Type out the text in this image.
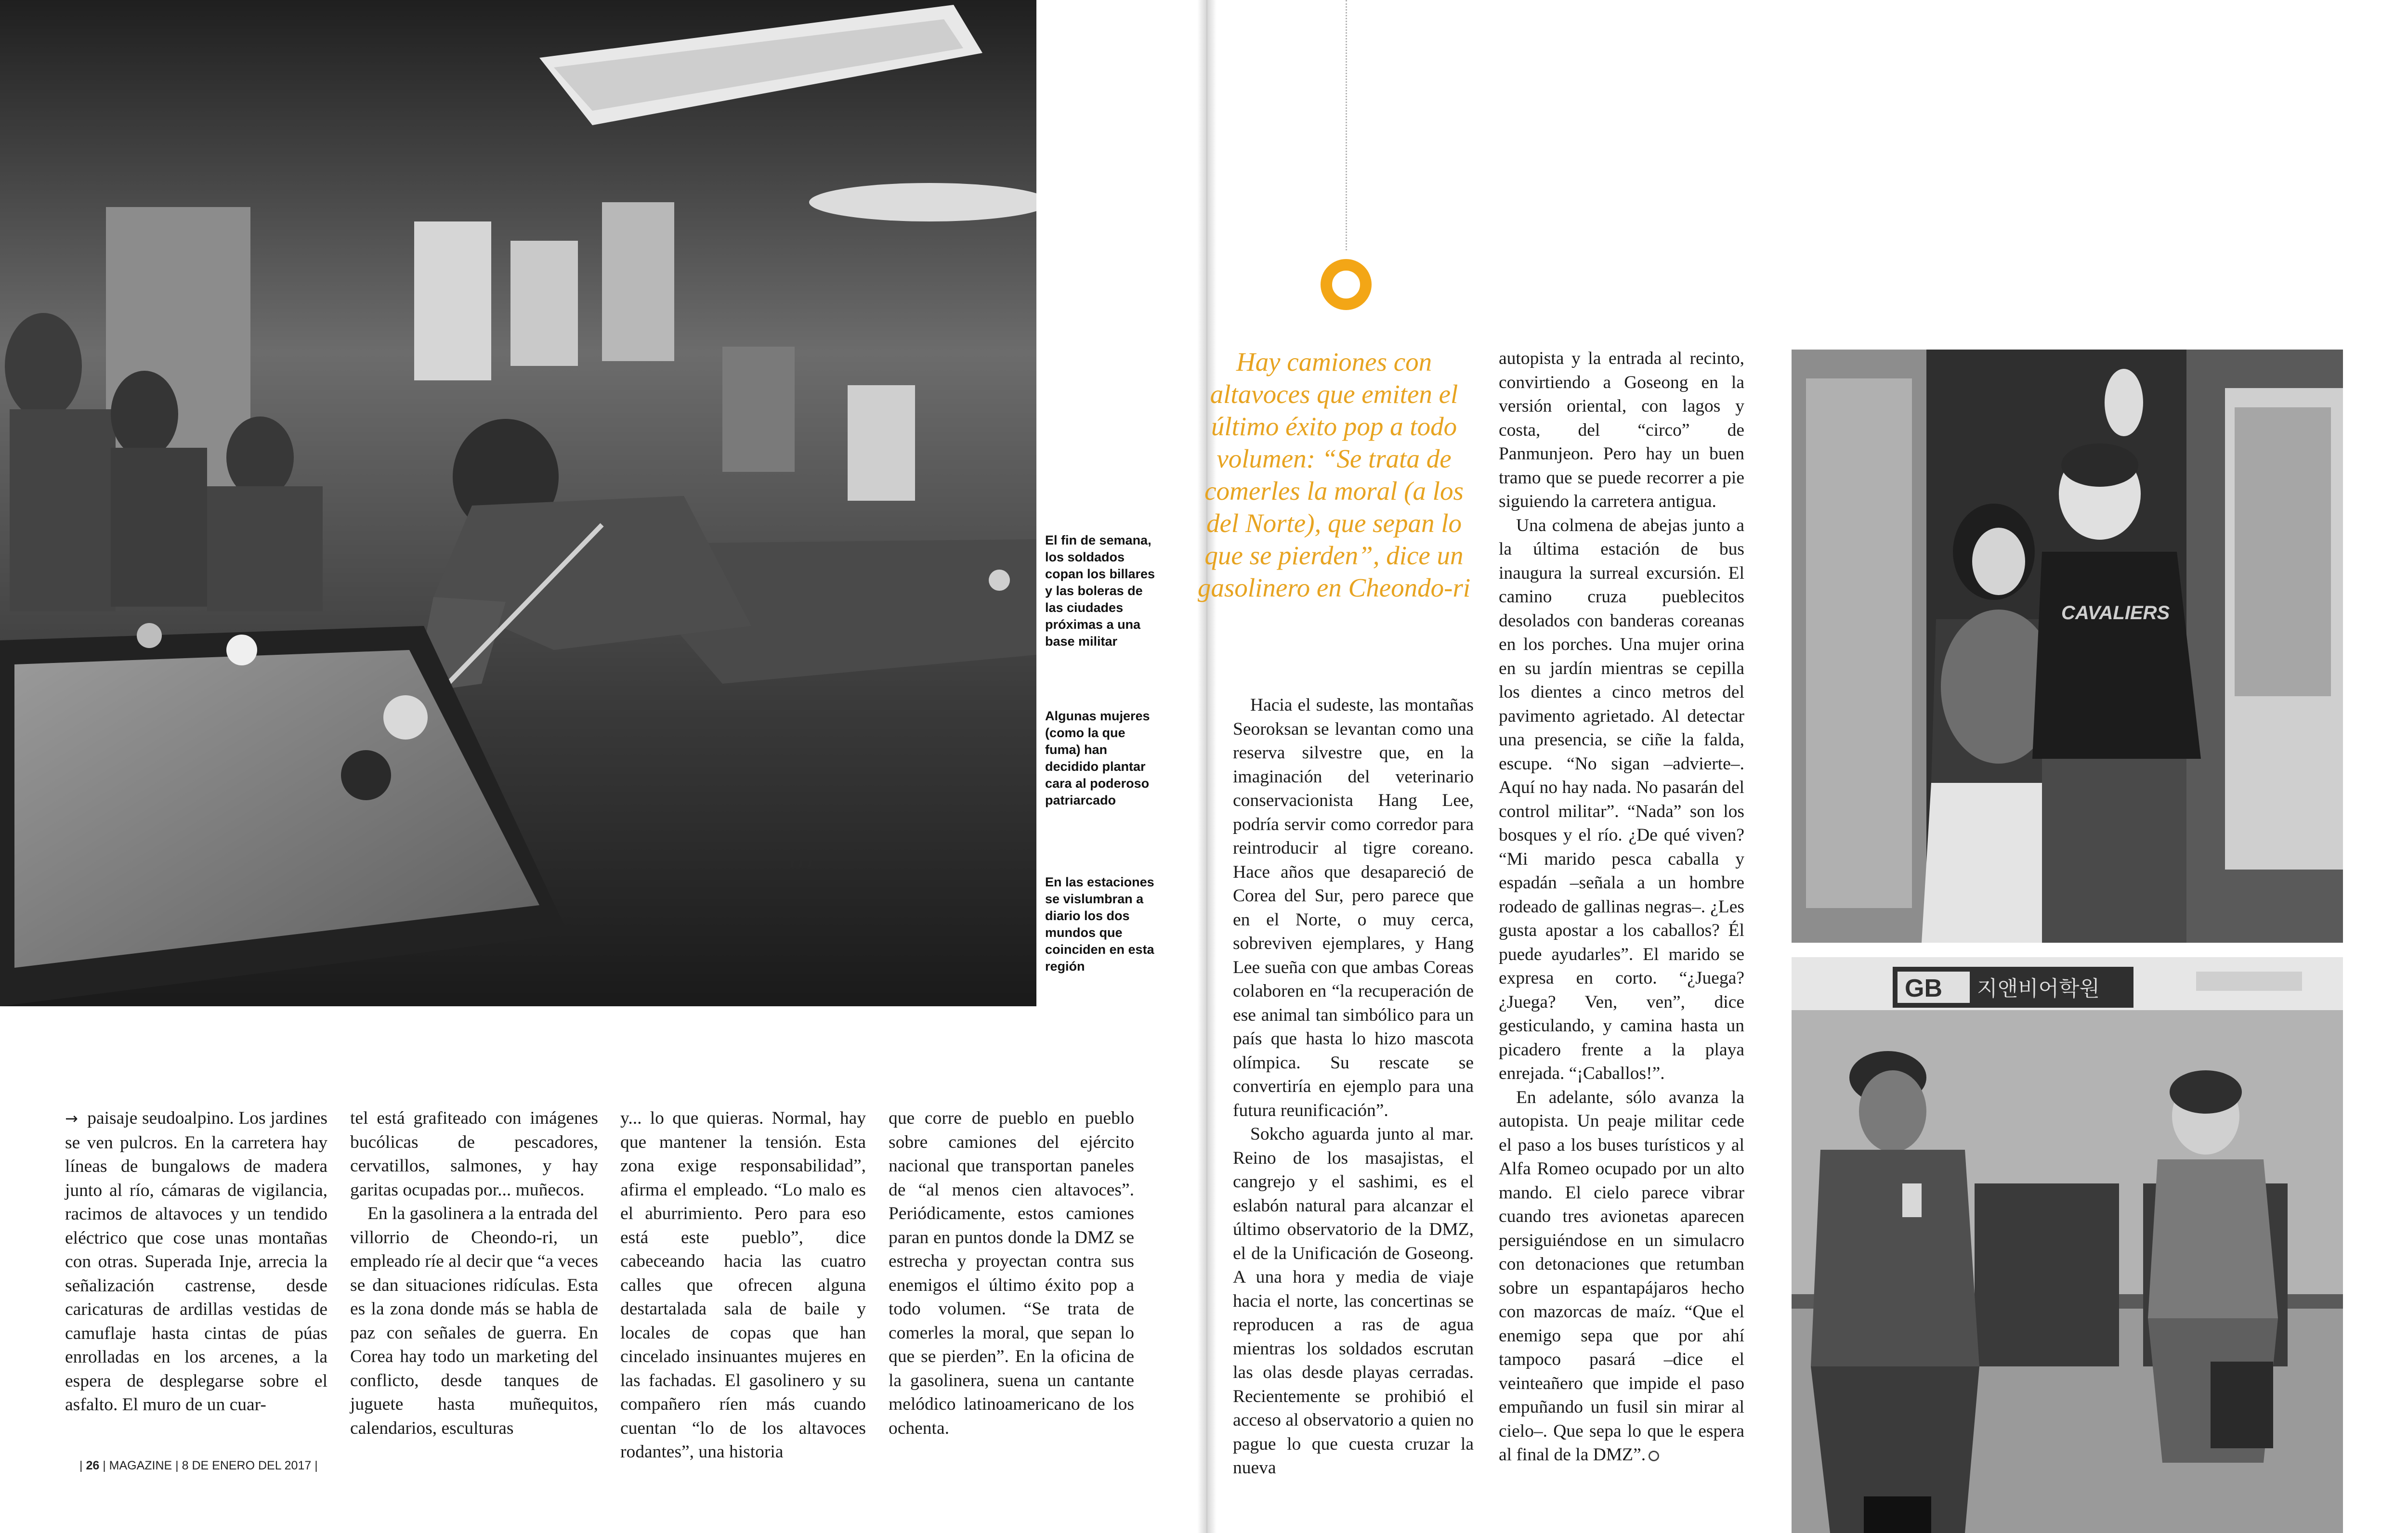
m
El fin de semana, los soldados copan los billares y las boleras de las ciudades próximas a una base militar
Algunas mujeres (como la que fuma) han decidido plantar cara al poderoso patriarcado
En las estaciones se vislumbran a diario los dos mundos que coinciden en esta región

→ paisaje seudoalpino. Los jardines se ven pulcros. En la carretera hay líneas de bungalows de madera junto al río, cámaras de vigilancia, racimos de altavoces y un tendido eléctrico que cose unas montañas con otras. Superada Inje, arrecia la señalización castrense, desde caricaturas de ardillas vestidas de camuflaje hasta cintas de púas enrolladas en los arcenes, a la espera de desplegarse sobre el asfalto. El muro de un cuar-

tel está grafiteado con imágenes bucólicas de pescadores, cervatillos, salmones, y hay garitas ocupadas por... muñecos.

En la gasolinera a la entrada del villorrio de Cheondo-ri, un empleado ríe al decir que “a veces se dan situaciones ridículas. Esta es la zona donde más se habla de paz con señales de guerra. En Corea hay todo un marketing del conflicto, desde tanques de juguete hasta muñequitos, calendarios, esculturas

y... lo que quieras. Normal, hay que mantener la tensión. Esta zona exige responsabilidad”, afirma el empleado. “Lo malo es el aburrimiento. Pero para eso está este pueblo”, dice cabeceando hacia las cuatro calles que ofrecen alguna destartalada sala de baile y locales de copas que han cincelado insinuantes mujeres en las fachadas. El gasolinero y su compañero ríen más cuando cuentan “lo de los altavoces rodantes”, una historia

que corre de pueblo en pueblo sobre camiones del ejército nacional que transportan paneles de “al menos cien altavoces”. Periódicamente, estos camiones paran en puntos donde la DMZ se estrecha y proyectan contra sus enemigos el último éxito pop a todo volumen. “Se trata de comerles la moral, que sepan lo que se pierden”. En la oficina de la gasolinera, suena un cantante melódico latinoamericano de los ochenta.

| 26 | MAGAZINE | 8 DE ENERO DEL 2017 |
Hay camiones con altavoces que emiten el último éxito pop a todo volumen: “Se trata de comerles la moral (a los del Norte), que sepan lo que se pierden”, dice un gasolinero en Cheondo-ri

Hacia el sudeste, las montañas Seoroksan se levantan como una reserva silvestre que, en la imaginación del veterinario conservacionista Hang Lee, podría servir como corredor para reintroducir al tigre coreano. Hace años que desapareció de Corea del Sur, pero parece que en el Norte, o muy cerca, sobreviven ejemplares, y Hang Lee sueña con que ambas Coreas colaboren en “la recuperación de ese animal tan simbólico para un país que hasta lo hizo mascota olímpica. Su rescate se convertiría en ejemplo para una futura reunificación”.

Sokcho aguarda junto al mar. Reino de los masajistas, el cangrejo y el sashimi, es el eslabón natural para alcanzar el último observatorio de la DMZ, el de la Unificación de Goseong. A una hora y media de viaje hacia el norte, las concertinas se reproducen a ras de agua mientras los soldados escrutan las olas desde playas cerradas. Recientemente se prohibió el acceso al observatorio a quien no pague lo que cuesta cruzar la nueva

autopista y la entrada al recinto, convirtiendo a Goseong en la versión oriental, con lagos y costa, del “circo” de Panmunjeon. Pero hay un buen tramo que se puede recorrer a pie siguiendo la carretera antigua.

Una colmena de abejas junto a la última estación de bus inaugura la surreal excursión. El camino cruza pueblecitos desolados con banderas coreanas en los porches. Una mujer orina en su jardín mientras se cepilla los dientes a cinco metros del pavimento agrietado. Al detectar una presencia, se ciñe la falda, escupe. “No sigan –advierte–. Aquí no hay nada. No pasarán del control militar”. “Nada” son los bosques y el río. ¿De qué viven? “Mi marido pesca caballa y espadán –señala a un hombre rodeado de gallinas negras–. ¿Les gusta apostar a los caballos? Él puede ayudarles”. El marido se expresa en corto. “¿Juega? ¿Juega? Ven, ven”, dice gesticulando, y camina hasta un picadero frente a la playa enrejada. “¡Caballos!”.

En adelante, sólo avanza la autopista. Un peaje militar cede el paso a los buses turísticos y al Alfa Romeo ocupado por un alto mando. El cielo parece vibrar cuando tres avionetas aparecen persiguiéndose en un simulacro con detonaciones que retumban sobre un espantapájaros hecho con mazorcas de maíz. “Que el enemigo sepa que por ahí tampoco pasará –dice el veinteañero que impide el paso empuñando un fusil sin mirar al cielo–. Que sepa lo que le espera al final de la DMZ”.

CAVALIERS
GB 지앤비어학원
